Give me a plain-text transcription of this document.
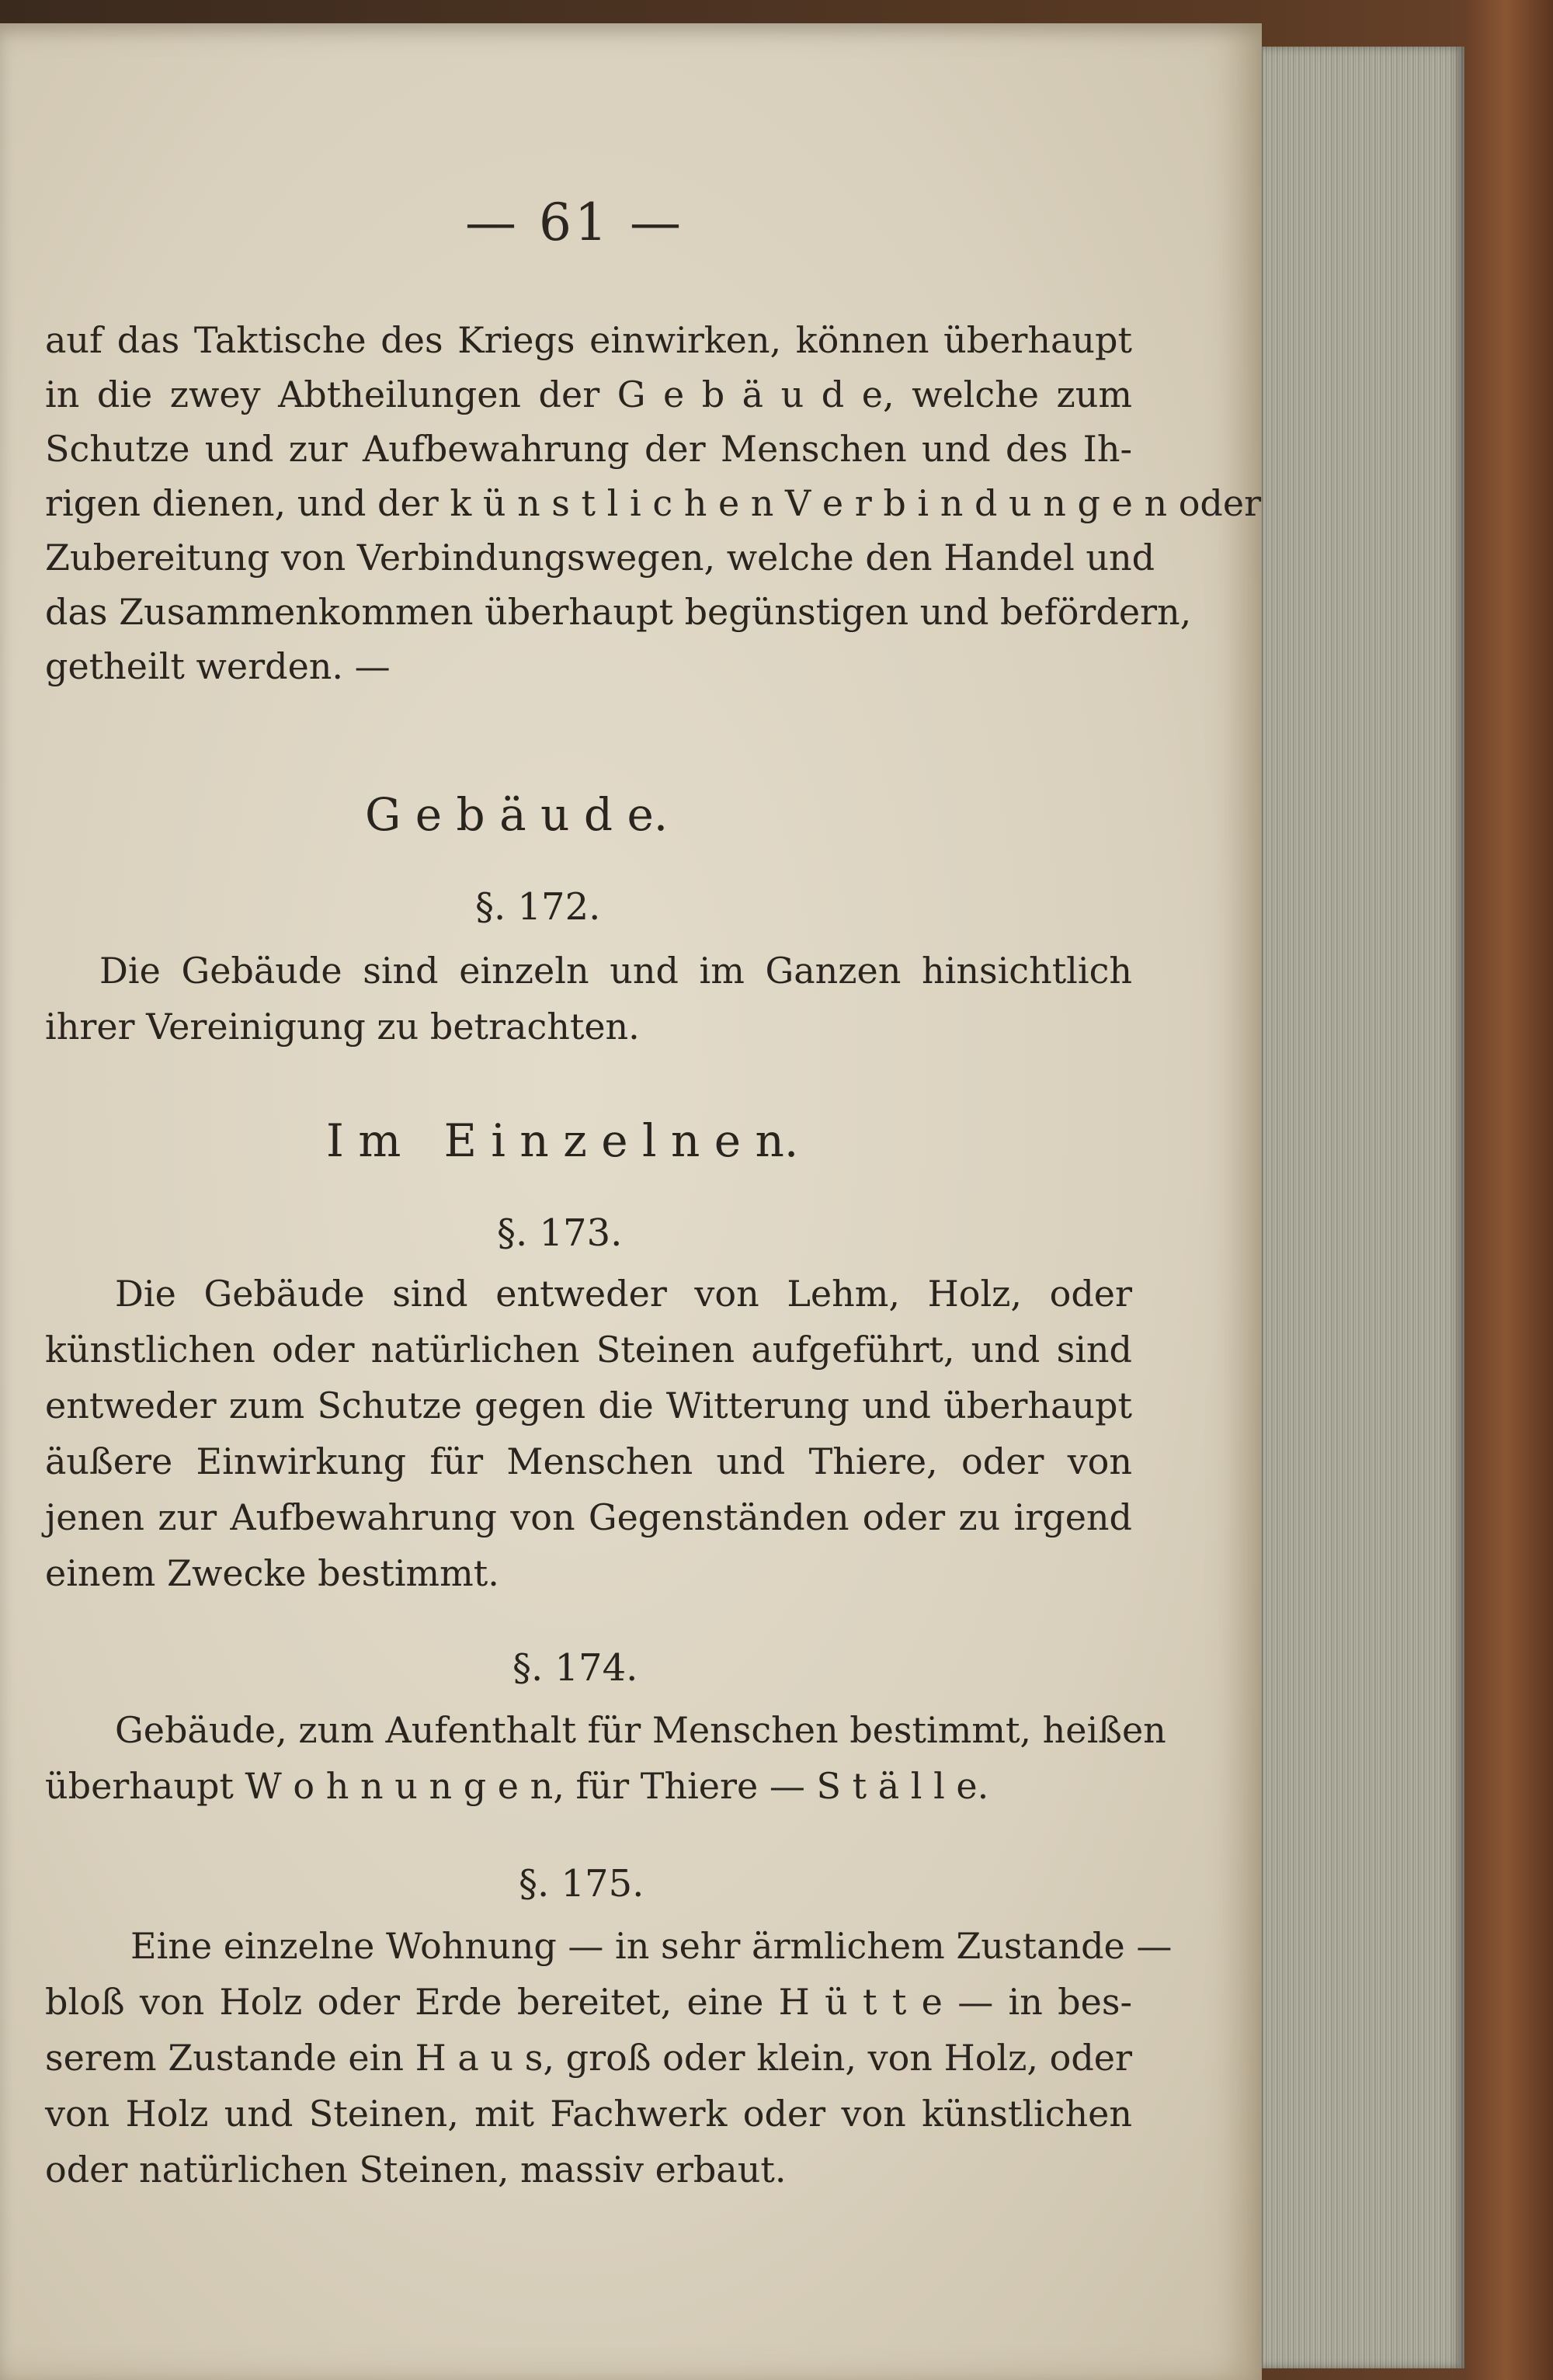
— 61 —
auf das Taktische des Kriegs einwirken, können überhaupt
in die zwey Abtheilungen der G e b ä u d e, welche zum
Schutze und zur Aufbewahrung der Menschen und des Ih-
rigen dienen, und der k ü n s t l i c h e n V e r b i n d u n g e n oder
Zubereitung von Verbindungswegen, welche den Handel und
das Zusammenkommen überhaupt begünstigen und befördern,
getheilt werden. —
G e b ä u d e.
§. 172.
Die Gebäude sind einzeln und im Ganzen hinsichtlich
ihrer Vereinigung zu betrachten.
I m   E i n z e l n e n.
§. 173.
Die Gebäude sind entweder von Lehm, Holz, oder
künstlichen oder natürlichen Steinen aufgeführt, und sind
entweder zum Schutze gegen die Witterung und überhaupt
äußere Einwirkung für Menschen und Thiere, oder von
jenen zur Aufbewahrung von Gegenständen oder zu irgend
einem Zwecke bestimmt.
§. 174.
Gebäude, zum Aufenthalt für Menschen bestimmt, heißen
überhaupt W o h n u n g e n, für Thiere — S t ä l l e.
§. 175.
Eine einzelne Wohnung — in sehr ärmlichem Zustande —
bloß von Holz oder Erde bereitet, eine H ü t t e — in bes-
serem Zustande ein H a u s, groß oder klein, von Holz, oder
von Holz und Steinen, mit Fachwerk oder von künstlichen
oder natürlichen Steinen, massiv erbaut.
